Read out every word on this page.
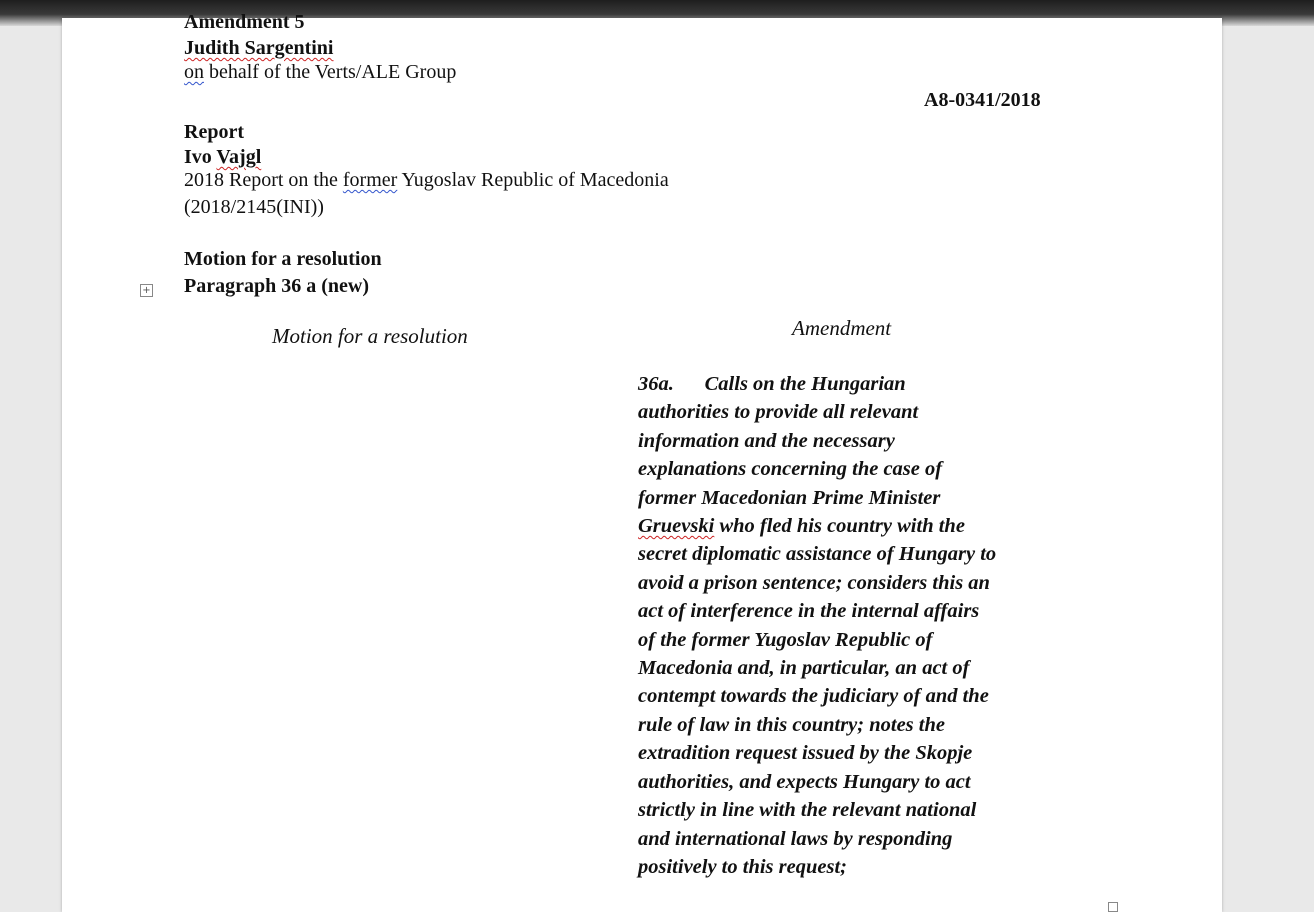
Amendment 5
Judith Sargentini
on behalf of the Verts/ALE Group
A8-0341/2018
Report
Ivo Vajgl
2018 Report on the former Yugoslav Republic of Macedonia
(2018/2145(INI))
Motion for a resolution
+ Paragraph 36 a (new)
Motion for a resolution	Amendment
36a.      Calls on the Hungarian
authorities to provide all relevant
information and the necessary
explanations concerning the case of
former Macedonian Prime Minister
Gruevski who fled his country with the
secret diplomatic assistance of Hungary to
avoid a prison sentence; considers this an
act of interference in the internal affairs
of the former Yugoslav Republic of
Macedonia and, in particular, an act of
contempt towards the judiciary of and the
rule of law in this country; notes the
extradition request issued by the Skopje
authorities, and expects Hungary to act
strictly in line with the relevant national
and international laws by responding
positively to this request;
